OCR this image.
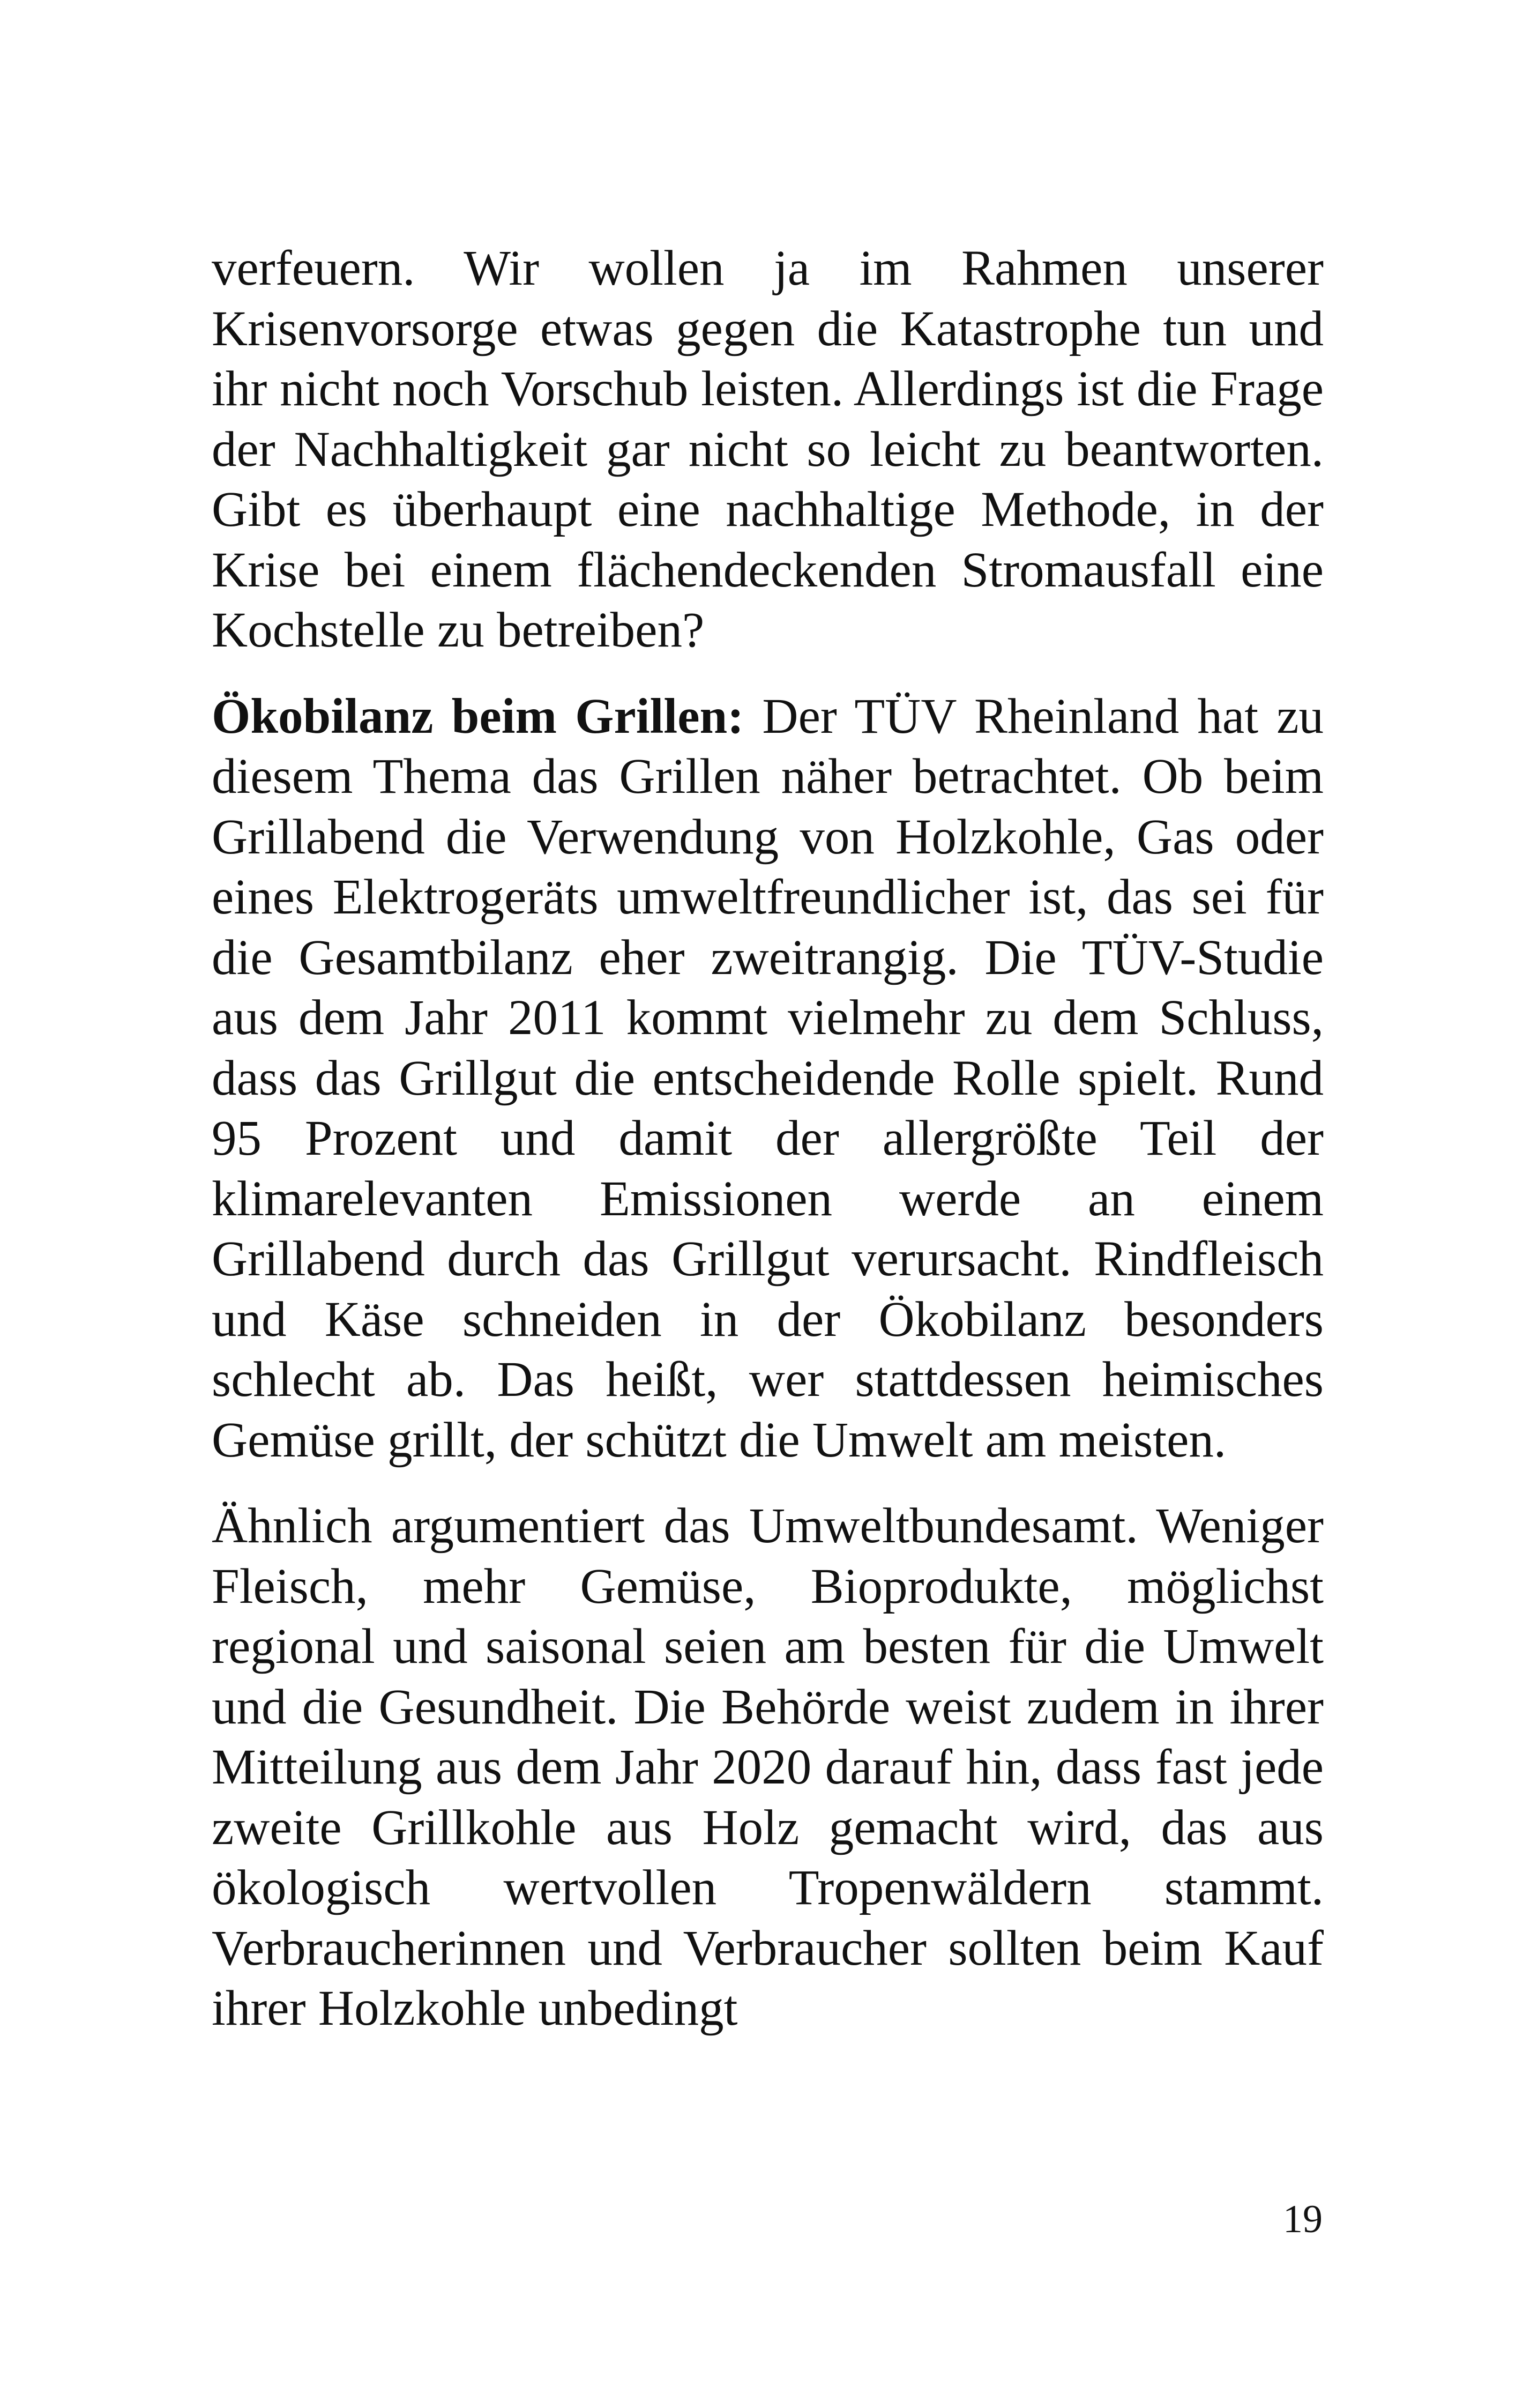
verfeuern. Wir wollen ja im Rahmen unserer Krisenvorsorge etwas gegen die Katastrophe tun und ihr nicht noch Vorschub leisten. Allerdings ist die Frage der Nachhaltigkeit gar nicht so leicht zu beantworten. Gibt es überhaupt eine nachhaltige Methode, in der Krise bei einem flächendeckenden Stromausfall eine Kochstelle zu betreiben?

Ökobilanz beim Grillen: Der TÜV Rheinland hat zu diesem Thema das Grillen näher betrachtet. Ob beim Grillabend die Verwendung von Holzkohle, Gas oder eines Elektrogeräts umweltfreundlicher ist, das sei für die Gesamtbilanz eher zweitrangig. Die TÜV-Studie aus dem Jahr 2011 kommt vielmehr zu dem Schluss, dass das Grillgut die entscheidende Rolle spielt. Rund 95 Prozent und damit der allergrößte Teil der klimarelevanten Emissionen werde an einem Grillabend durch das Grillgut verursacht. Rindfleisch und Käse schneiden in der Ökobilanz besonders schlecht ab. Das heißt, wer stattdessen heimisches Gemüse grillt, der schützt die Umwelt am meisten.

Ähnlich argumentiert das Umweltbundesamt. Weniger Fleisch, mehr Gemüse, Bioprodukte, möglichst regional und saisonal seien am besten für die Umwelt und die Gesundheit. Die Behörde weist zudem in ihrer Mitteilung aus dem Jahr 2020 darauf hin, dass fast jede zweite Grillkohle aus Holz gemacht wird, das aus ökologisch wertvollen Tropenwäldern stammt. Verbraucherinnen und Verbraucher sollten beim Kauf ihrer Holzkohle unbedingt

19
